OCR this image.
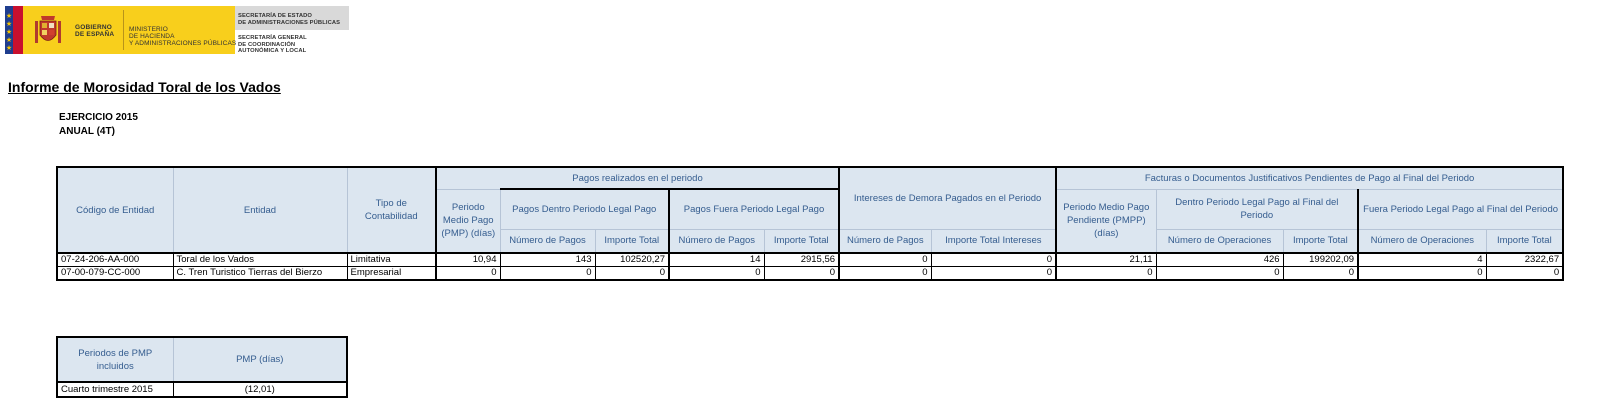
★
★
★
★
★
GOBIERNO
DE ESPAÑA
MINISTERIO
DE HACIENDA
Y ADMINISTRACIONES PÚBLICAS
SECRETARÍA DE ESTADO
DE ADMINISTRACIONES PÚBLICAS
SECRETARÍA GENERAL
DE COORDINACIÓN
AUTONÓMICA Y LOCAL
Informe de Morosidad Toral de los Vados
EJERCICIO 2015
ANUAL (4T)
Código de Entidad	Entidad	Tipo de Contabilidad	Pagos realizados en el periodo					Intereses de Demora Pagados en el Periodo		Facturas o Documentos Justificativos Pendientes de Pago al Final del Periodo				
			Periodo Medio Pago (PMP) (días)	Pagos Dentro Periodo Legal Pago		Pagos Fuera Periodo Legal Pago				Periodo Medio Pago Pendiente (PMPP) (días)	Dentro Periodo Legal Pago al Final del Periodo		Fuera Periodo Legal Pago al Final del Periodo	
				Número de Pagos	Importe Total	Número de Pagos	Importe Total	Número de Pagos	Importe Total Intereses		Número de Operaciones	Importe Total	Número de Operaciones	Importe Total
07-24-206-AA-000	Toral de los Vados	Limitativa	10,94	143	102520,27	14	2915,56	0	0	21,11	426	199202,09	4	2322,67
07-00-079-CC-000	C. Tren Turistico Tierras del Bierzo	Empresarial	0	0	0	0	0	0	0	0	0	0	0	0
Periodos de PMP incluidos	PMP (días)
Cuarto trimestre 2015	(12,01)
